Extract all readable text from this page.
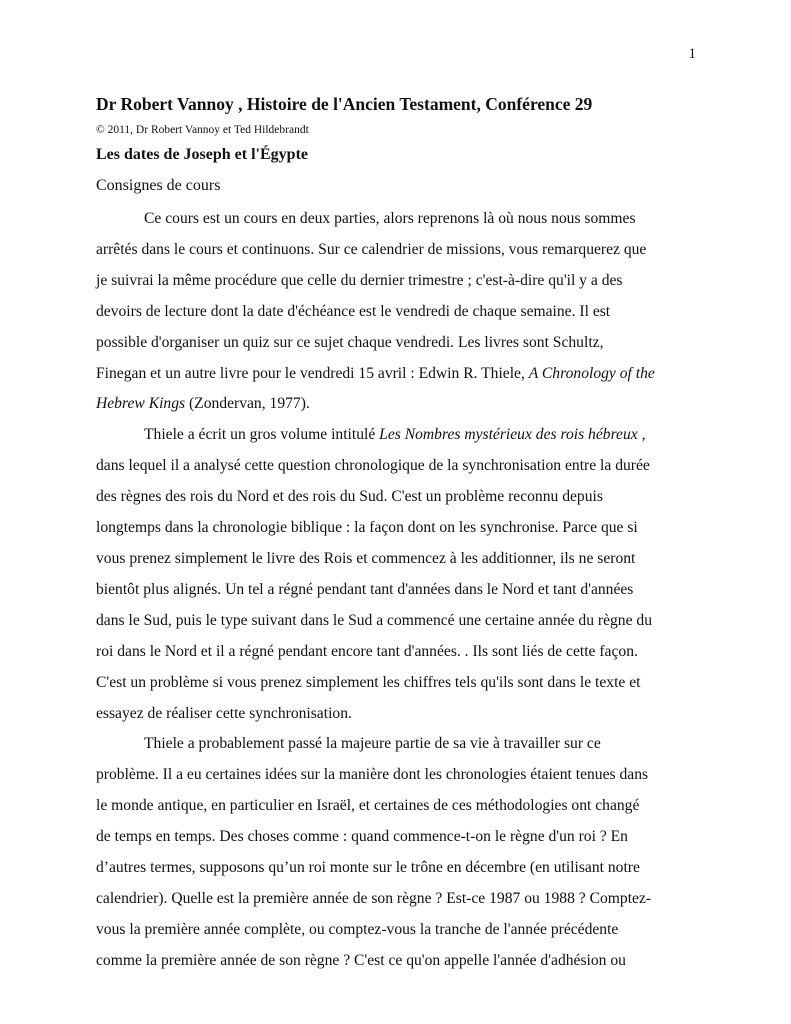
1
Dr Robert Vannoy , Histoire de l'Ancien Testament, Conférence 29
© 2011, Dr Robert Vannoy et Ted Hildebrandt
Les dates de Joseph et l'Égypte
Consignes de cours
Ce cours est un cours en deux parties, alors reprenons là où nous nous sommes
arrêtés dans le cours et continuons. Sur ce calendrier de missions, vous remarquerez que
je suivrai la même procédure que celle du dernier trimestre ; c'est-à-dire qu'il y a des
devoirs de lecture dont la date d'échéance est le vendredi de chaque semaine. Il est
possible d'organiser un quiz sur ce sujet chaque vendredi. Les livres sont Schultz,
Finegan et un autre livre pour le vendredi 15 avril : Edwin R. Thiele, A Chronology of the
Hebrew Kings (Zondervan, 1977).
Thiele a écrit un gros volume intitulé Les Nombres mystérieux des rois hébreux ,
dans lequel il a analysé cette question chronologique de la synchronisation entre la durée
des règnes des rois du Nord et des rois du Sud. C'est un problème reconnu depuis
longtemps dans la chronologie biblique : la façon dont on les synchronise. Parce que si
vous prenez simplement le livre des Rois et commencez à les additionner, ils ne seront
bientôt plus alignés. Un tel a régné pendant tant d'années dans le Nord et tant d'années
dans le Sud, puis le type suivant dans le Sud a commencé une certaine année du règne du
roi dans le Nord et il a régné pendant encore tant d'années. . Ils sont liés de cette façon.
C'est un problème si vous prenez simplement les chiffres tels qu'ils sont dans le texte et
essayez de réaliser cette synchronisation.
Thiele a probablement passé la majeure partie de sa vie à travailler sur ce
problème. Il a eu certaines idées sur la manière dont les chronologies étaient tenues dans
le monde antique, en particulier en Israël, et certaines de ces méthodologies ont changé
de temps en temps. Des choses comme : quand commence-t-on le règne d'un roi ? En
d’autres termes, supposons qu’un roi monte sur le trône en décembre (en utilisant notre
calendrier). Quelle est la première année de son règne ? Est-ce 1987 ou 1988 ? Comptez-
vous la première année complète, ou comptez-vous la tranche de l'année précédente
comme la première année de son règne ? C'est ce qu'on appelle l'année d'adhésion ou
